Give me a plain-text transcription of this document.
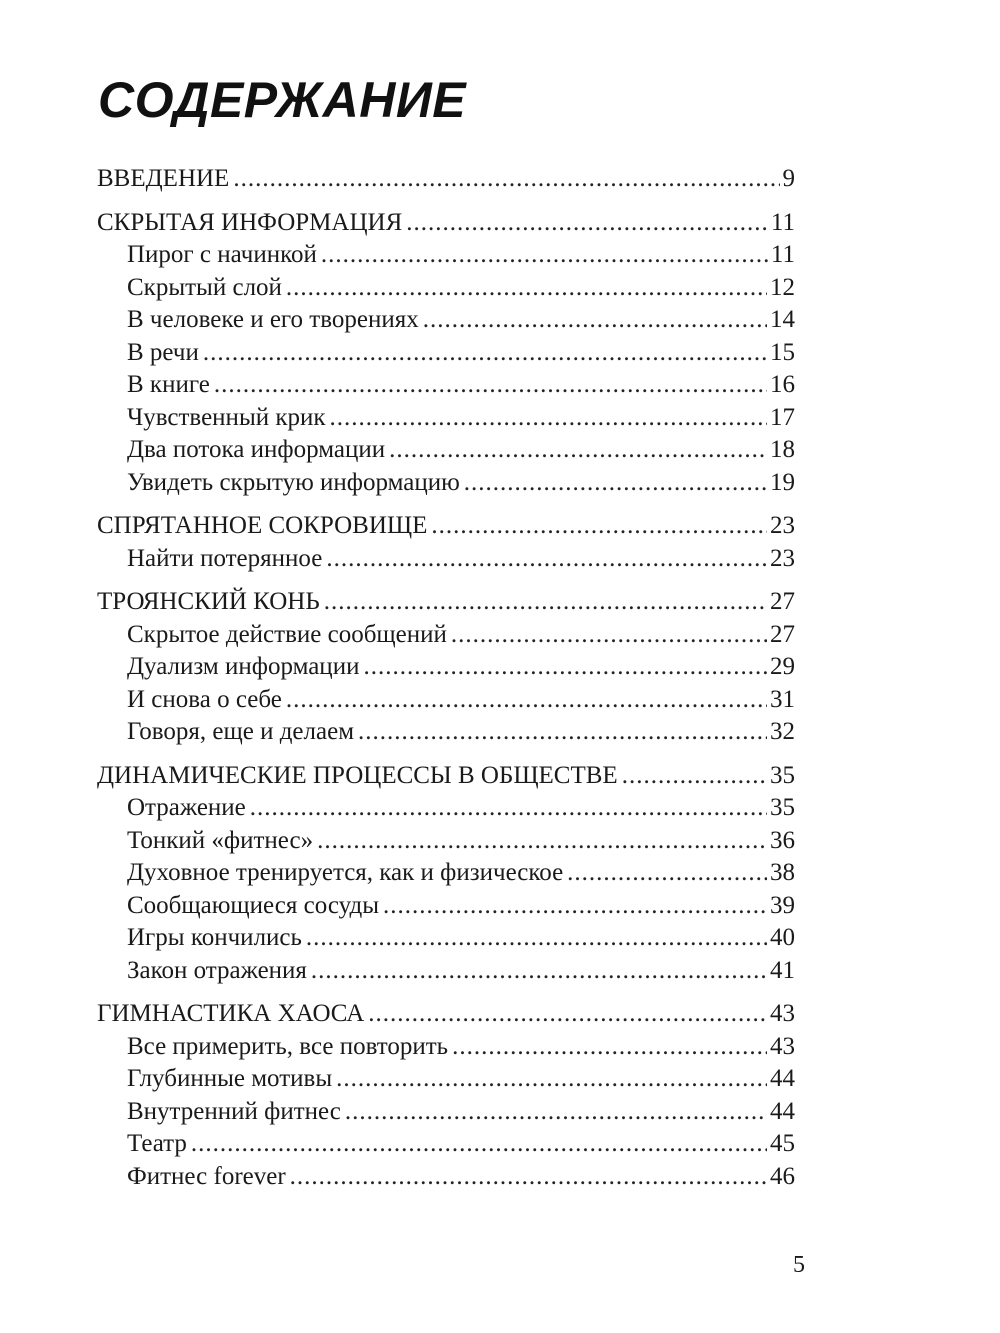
СОДЕРЖАНИЕ
ВВЕДЕНИЕ .....	9
СКРЫТАЯ ИНФОРМАЦИЯ .....	11
Пирог с начинкой .....	11
Скрытый слой .....	12
В человеке и его творениях .....	14
В речи .....	15
В книге .....	16
Чувственный крик .....	17
Два потока информации .....	18
Увидеть скрытую информацию .....	19
СПРЯТАННОЕ СОКРОВИЩЕ .....	23
Найти потерянное .....	23
ТРОЯНСКИЙ КОНЬ .....	27
Скрытое действие сообщений .....	27
Дуализм информации .....	29
И снова о себе .....	31
Говоря, еще и делаем .....	32
ДИНАМИЧЕСКИЕ ПРОЦЕССЫ В ОБЩЕСТВЕ .....	35
Отражение .....	35
Тонкий «фитнес» .....	36
Духовное тренируется, как и физическое .....	38
Сообщающиеся сосуды .....	39
Игры кончились .....	40
Закон отражения .....	41
ГИМНАСТИКА ХАОСА .....	43
Все примерить, все повторить .....	43
Глубинные мотивы .....	44
Внутренний фитнес .....	44
Театр .....	45
Фитнес forever .....	46
5
